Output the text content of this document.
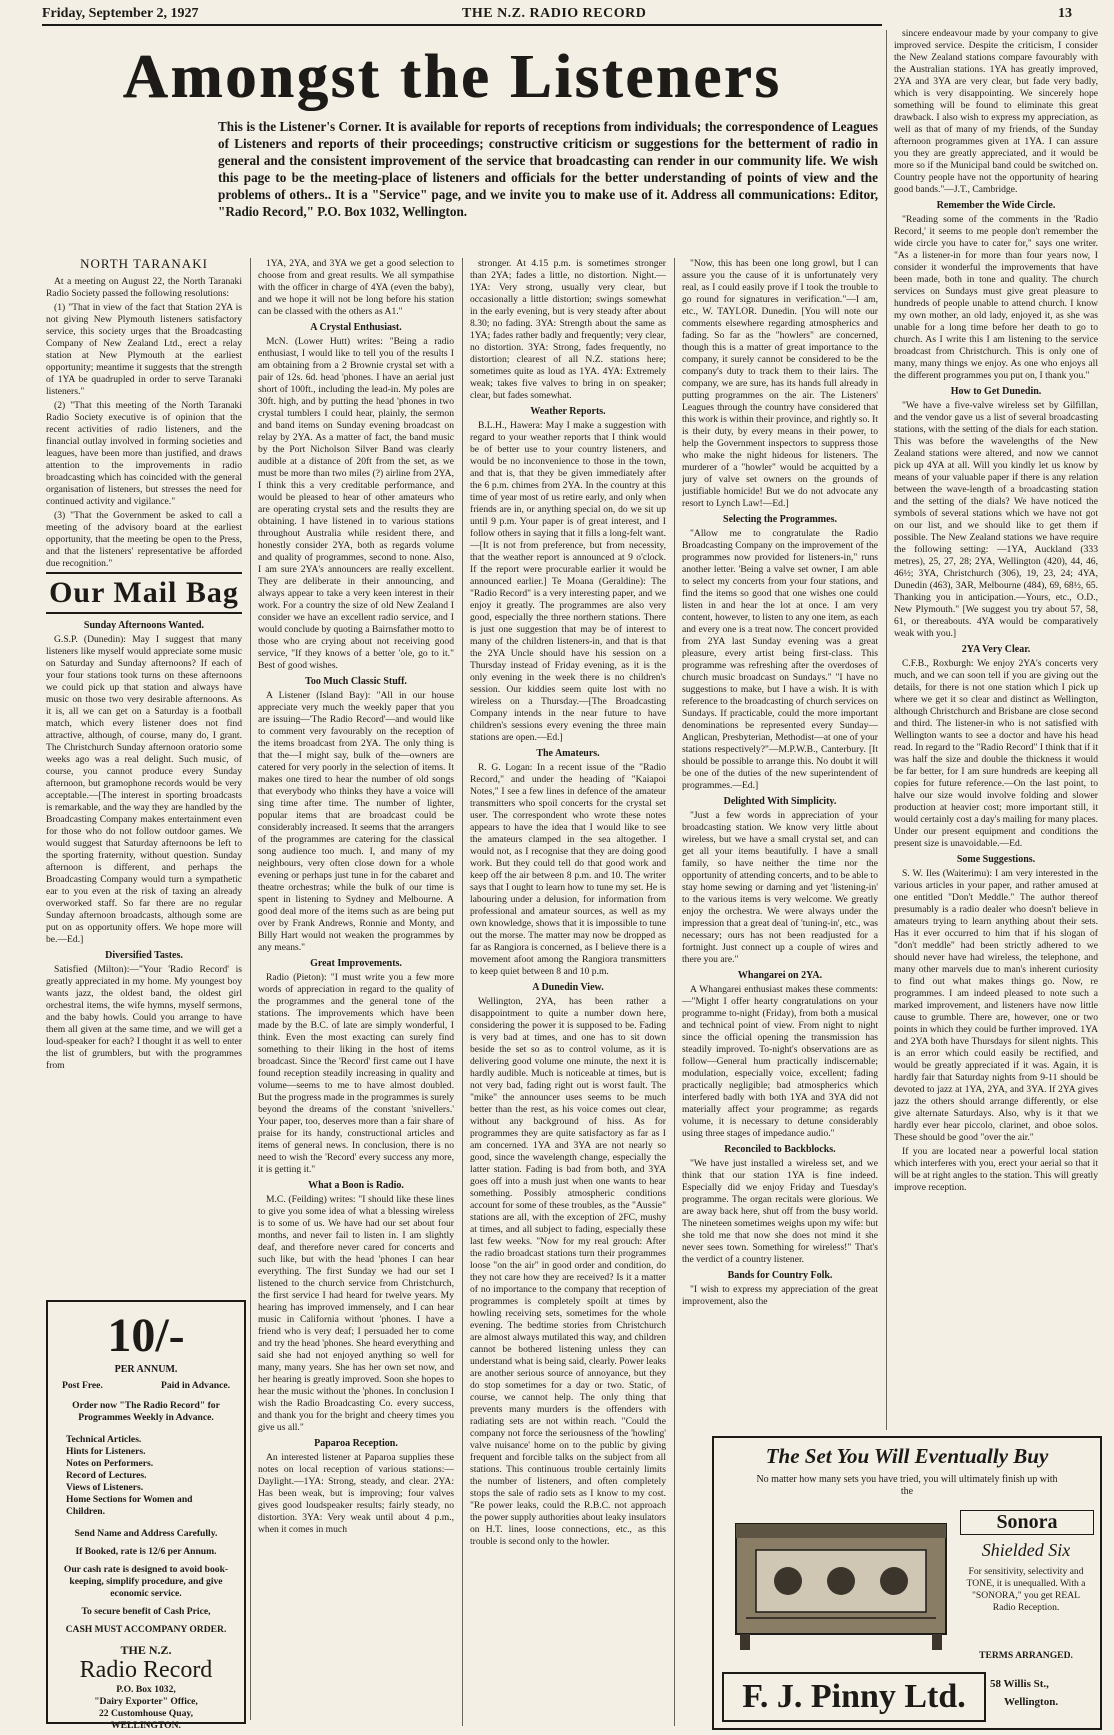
Friday, September 2, 1927	THE N.Z. RADIO RECORD	13
Amongst the Listeners
This is the Listener's Corner. It is available for reports of receptions from individuals; the correspondence of Leagues of Listeners and reports of their proceedings; constructive criticism or suggestions for the betterment of radio in general and the consistent improvement of the service that broadcasting can render in our community life. We wish this page to be the meeting-place of listeners and officials for the better understanding of points of view and the problems of others.. It is a "Service" page, and we invite you to make use of it. Address all communications: Editor, "Radio Record," P.O. Box 1032, Wellington.
NORTH TARANAKI

At a meeting on August 22, the North Taranaki Radio Society passed the following resolutions:

(1) "That in view of the fact that Station 2YA is not giving New Plymouth listeners satisfactory service, this society urges that the Broadcasting Company of New Zealand Ltd., erect a relay station at New Plymouth at the earliest opportunity; meantime it suggests that the strength of 1YA be quadrupled in order to serve Taranaki listeners."

(2) "That this meeting of the North Taranaki Radio Society executive is of opinion that the recent activities of radio listeners, and the financial outlay involved in forming societies and leagues, have been more than justified, and draws attention to the improvements in radio broadcasting which has coincided with the general organisation of listeners, but stresses the need for continued activity and vigilance."

(3) "That the Government be asked to call a meeting of the advisory board at the earliest opportunity, that the meeting be open to the Press, and that the listeners' representative be afforded due recognition."

Our Mail Bag
Sunday Afternoons Wanted.

G.S.P. (Dunedin): May I suggest that many listeners like myself would appreciate some music on Saturday and Sunday afternoons? If each of your four stations took turns on these afternoons we could pick up that station and always have music on those two very desirable afternoons. As it is, all we can get on a Saturday is a football match, which every listener does not find attractive, although, of course, many do, I grant. The Christchurch Sunday afternoon oratorio some weeks ago was a real delight. Such music, of course, you cannot produce every Sunday afternoon, but gramophone records would be very acceptable.—[The interest in sporting broadcasts is remarkable, and the way they are handled by the Broadcasting Company makes entertainment even for those who do not follow outdoor games. We would suggest that Saturday afternoons be left to the sporting fraternity, without question. Sunday afternoon is different, and perhaps the Broadcasting Company would turn a sympathetic ear to you even at the risk of taxing an already overworked staff. So far there are no regular Sunday afternoon broadcasts, although some are put on as opportunity offers. We hope more will be.—Ed.]

Diversified Tastes.

Satisfied (Milton):—"Your 'Radio Record' is greatly appreciated in my home. My youngest boy wants jazz, the oldest band, the oldest girl orchestral items, the wife hymns, myself sermons, and the baby howls. Could you arrange to have them all given at the same time, and we will get a loud-speaker for each? I thought it as well to enter the list of grumblers, but with the programmes from

10/-
PER ANNUM.
Post Free.	Paid in Advance.
Order now "The Radio Record" for Programmes Weekly in Advance.
Technical Articles.
Hints for Listeners.
Notes on Performers.
Record of Lectures.
Views of Listeners.
Home Sections for Women and Children.
Send Name and Address Carefully.
If Booked, rate is 12/6 per Annum.
Our cash rate is designed to avoid book-keeping, simplify procedure, and give economic service.
To secure benefit of Cash Price,
CASH MUST ACCOMPANY ORDER.
THE N.Z.
Radio Record
P.O. Box 1032,
"Dairy Exporter" Office,
22 Customhouse Quay,
WELLINGTON.

1YA, 2YA, and 3YA we get a good selection to choose from and great results. We all sympathise with the officer in charge of 4YA (even the baby), and we hope it will not be long before his station can be classed with the others as A1."

A Crystal Enthusiast.

McN. (Lower Hutt) writes: "Being a radio enthusiast, I would like to tell you of the results I am obtaining from a 2 Brownie crystal set with a pair of 12s. 6d. head 'phones. I have an aerial just short of 100ft., including the lead-in. My poles are 30ft. high, and by putting the head 'phones in two crystal tumblers I could hear, plainly, the sermon and band items on Sunday evening broadcast on relay by 2YA. As a matter of fact, the band music by the Port Nicholson Silver Band was clearly audible at a distance of 20ft from the set, as we must be more than two miles (?) airline from 2YA, I think this a very creditable performance, and would be pleased to hear of other amateurs who are operating crystal sets and the results they are obtaining. I have listened in to various stations throughout Australia while resident there, and honestly consider 2YA, both as regards volume and quality of programmes, second to none. Also, I am sure 2YA's announcers are really excellent. They are deliberate in their announcing, and always appear to take a very keen interest in their work. For a country the size of old New Zealand I consider we have an excellent radio service, and I would conclude by quoting a Bairnsfather motto to those who are crying about not receiving good service, "If they knows of a better 'ole, go to it." Best of good wishes.

Too Much Classic Stuff.

A Listener (Island Bay): "All in our house appreciate very much the weekly paper that you are issuing—'The Radio Record'—and would like to comment very favourably on the reception of the items broadcast from 2YA. The only thing is that the—I might say, bulk of the—owners are catered for very poorly in the selection of items. It makes one tired to hear the number of old songs that everybody who thinks they have a voice will sing time after time. The number of lighter, popular items that are broadcast could be considerably increased. It seems that the arrangers of the programmes are catering for the classical song audience too much. I, and many of my neighbours, very often close down for a whole evening or perhaps just tune in for the cabaret and theatre orchestras; while the bulk of our time is spent in listening to Sydney and Melbourne. A good deal more of the items such as are being put over by Frank Andrews, Ronnie and Monty, and Billy Hart would not weaken the programmes by any means."

Great Improvements.

Radio (Pieton): "I must write you a few more words of appreciation in regard to the quality of the programmes and the general tone of the stations. The improvements which have been made by the B.C. of late are simply wonderful, I think. Even the most exacting can surely find something to their liking in the host of items broadcast. Since the 'Record' first came out I have found reception steadily increasing in quality and volume—seems to me to have almost doubled. But the progress made in the programmes is surely beyond the dreams of the constant 'snivellers.' Your paper, too, deserves more than a fair share of praise for its handy, constructional articles and items of general news. In conclusion, there is no need to wish the 'Record' every success any more, it is getting it."

What a Boon is Radio.

M.C. (Feilding) writes: "I should like these lines to give you some idea of what a blessing wireless is to some of us. We have had our set about four months, and never fail to listen in. I am slightly deaf, and therefore never cared for concerts and such like, but with the head 'phones I can hear everything. The first Sunday we had our set I listened to the church service from Christchurch, the first service I had heard for twelve years. My hearing has improved immensely, and I can hear music in California without 'phones. I have a friend who is very deaf; I persuaded her to come and try the head 'phones. She heard everything and said she had not enjoyed anything so well for many, many years. She has her own set now, and her hearing is greatly improved. Soon she hopes to hear the music without the 'phones. In conclusion I wish the Radio Broadcasting Co. every success, and thank you for the bright and cheery times you give us all."

Paparoa Reception.

An interested listener at Paparoa supplies these notes on local reception of various stations:— Daylight.—1YA: Strong, steady, and clear. 2YA: Has been weak, but is improving; four valves gives good loudspeaker results; fairly steady, no distortion. 3YA: Very weak until about 4 p.m., when it comes in much

stronger. At 4.15 p.m. is sometimes stronger than 2YA; fades a little, no distortion. Night.—1YA: Very strong, usually very clear, but occasionally a little distortion; swings somewhat in the early evening, but is very steady after about 8.30; no fading. 3YA: Strength about the same as 1YA; fades rather badly and frequently; very clear, no distortion. 3YA: Strong, fades frequently, no distortion; clearest of all N.Z. stations here; sometimes quite as loud as 1YA. 4YA: Extremely weak; takes five valves to bring in on speaker; clear, but fades somewhat.

Weather Reports.

B.L.H., Hawera: May I make a suggestion with regard to your weather reports that I think would be of better use to your country listeners, and would be no inconvenience to those in the town, and that is, that they be given immediately after the 6 p.m. chimes from 2YA. In the country at this time of year most of us retire early, and only when friends are in, or anything special on, do we sit up until 9 p.m. Your paper is of great interest, and I follow others in saying that it fills a long-felt want.—[It is not from preference, but from necessity, that the weather report is announced at 9 o'clock. If the report were procurable earlier it would be announced earlier.] Te Moana (Geraldine): The "Radio Record" is a very interesting paper, and we enjoy it greatly. The programmes are also very good, especially the three northern stations. There is just one suggestion that may be of interest to many of the children listeners-in, and that is that the 2YA Uncle should have his session on a Thursday instead of Friday evening, as it is the only evening in the week there is no children's session. Our kiddies seem quite lost with no wireless on a Thursday.—[The Broadcasting Company intends in the near future to have children's sessions every evening the three main stations are open.—Ed.]

The Amateurs.

R. G. Logan: In a recent issue of the "Radio Record," and under the heading of "Kaiapoi Notes," I see a few lines in defence of the amateur transmitters who spoil concerts for the crystal set user. The correspondent who wrote these notes appears to have the idea that I would like to see the amateurs clamped in the sea altogether. I would not, as I recognise that they are doing good work. But they could tell do that good work and keep off the air between 8 p.m. and 10. The writer says that I ought to learn how to tune my set. He is labouring under a delusion, for information from professional and amateur sources, as well as my own knowledge, shows that it is impossible to tune out the morse. The matter may now be dropped as far as Rangiora is concerned, as I believe there is a movement afoot among the Rangiora transmitters to keep quiet between 8 and 10 p.m.

A Dunedin View.

Wellington, 2YA, has been rather a disappointment to quite a number down here, considering the power it is supposed to be. Fading is very bad at times, and one has to sit down beside the set so as to control volume, as it is delivering good volume one minute, the next it is hardly audible. Much is noticeable at times, but is not very bad, fading right out is worst fault. The "mike" the announcer uses seems to be much better than the rest, as his voice comes out clear, without any background of hiss. As for programmes they are quite satisfactory as far as I am concerned. 1YA and 3YA are not nearly so good, since the wavelength change, especially the latter station. Fading is bad from both, and 3YA goes off into a mush just when one wants to hear something. Possibly atmospheric conditions account for some of these troubles, as the "Aussie" stations are all, with the exception of 2FC, mushy at times, and all subject to fading, especially these last few weeks. "Now for my real grouch: After the radio broadcast stations turn their programmes loose "on the air" in good order and condition, do they not care how they are received? Is it a matter of no importance to the company that reception of programmes is completely spoilt at times by howling receiving sets, sometimes for the whole evening. The bedtime stories from Christchurch are almost always mutilated this way, and children cannot be bothered listening unless they can understand what is being said, clearly. Power leaks are another serious source of annoyance, but they do stop sometimes for a day or two. Static, of course, we cannot help. The only thing that prevents many murders is the offenders with radiating sets are not within reach. "Could the company not force the seriousness of the 'howling' valve nuisance' home on to the public by giving frequent and forcible talks on the subject from all stations. This continuous trouble certainly limits the number of listeners, and often completely stops the sale of radio sets as I know to my cost. "Re power leaks, could the R.B.C. not approach the power supply authorities about leaky insulators on H.T. lines, loose connections, etc., as this trouble is second only to the howler.

"Now, this has been one long growl, but I can assure you the cause of it is unfortunately very real, as I could easily prove if I took the trouble to go round for signatures in verification."—I am, etc., W. TAYLOR. Dunedin. [You will note our comments elsewhere regarding atmospherics and fading. So far as the "howlers" are concerned, though this is a matter of great importance to the company, it surely cannot be considered to be the company's duty to track them to their lairs. The company, we are sure, has its hands full already in putting programmes on the air. The Listeners' Leagues through the country have considered that this work is within their province, and rightly so. It is their duty, by every means in their power, to help the Government inspectors to suppress those who make the night hideous for listeners. The murderer of a "howler" would be acquitted by a jury of valve set owners on the grounds of justifiable homicide! But we do not advocate any resort to Lynch Law!—Ed.]

Selecting the Programmes.

"Allow me to congratulate the Radio Broadcasting Company on the improvement of the programmes now provided for listeners-in," runs another letter. 'Being a valve set owner, I am able to select my concerts from your four stations, and find the items so good that one wishes one could listen in and hear the lot at once. I am very content, however, to listen to any one item, as each and every one is a treat now. The concert provided from 2YA last Sunday evening was a great pleasure, every artist being first-class. This programme was refreshing after the overdoses of church music broadcast on Sundays." "I have no suggestions to make, but I have a wish. It is with reference to the broadcasting of church services on Sundays. If practicable, could the more important denominations be represented every Sunday—Anglican, Presbyterian, Methodist—at one of your stations respectively?"—M.P.W.B., Canterbury. [It should be possible to arrange this. No doubt it will be one of the duties of the new superintendent of programmes.—Ed.]

Delighted With Simplicity.

"Just a few words in appreciation of your broadcasting station. We know very little about wireless, but we have a small crystal set, and can get all your items beautifully. I have a small family, so have neither the time nor the opportunity of attending concerts, and to be able to stay home sewing or darning and yet 'listening-in' to the various items is very welcome. We greatly enjoy the orchestra. We were always under the impression that a great deal of 'tuning-in', etc., was necessary; ours has not been readjusted for a fortnight. Just connect up a couple of wires and there you are."

Whangarei on 2YA.

A Whangarei enthusiast makes these comments:—"Might I offer hearty congratulations on your programme to-night (Friday), from both a musical and technical point of view. From night to night since the official opening the transmission has steadily improved. To-night's observations are as follow—General hum practically indiscernable; modulation, especially voice, excellent; fading practically negligible; bad atmospherics which interfered badly with both 1YA and 3YA did not materially affect your programme; as regards volume, it is necessary to detune considerably using three stages of impedance audio."

Reconciled to Backblocks.

"We have just installed a wireless set, and we think that our station 1YA is fine indeed. Especially did we enjoy Friday and Tuesday's programme. The organ recitals were glorious. We are away back here, shut off from the busy world. The nineteen sometimes weighs upon my wife: but she told me that now she does not mind it she never sees town. Something for wireless!" That's the verdict of a country listener.

Bands for Country Folk.

"I wish to express my appreciation of the great improvement, also the

sincere endeavour made by your company to give improved service. Despite the criticism, I consider the New Zealand stations compare favourably with the Australian stations. 1YA has greatly improved, 2YA and 3YA are very clear, but fade very badly, which is very disappointing. We sincerely hope something will be found to eliminate this great drawback. I also wish to express my appreciation, as well as that of many of my friends, of the Sunday afternoon programmes given at 1YA. I can assure you they are greatly appreciated, and it would be more so if the Municipal band could be switched on. Country people have not the opportunity of hearing good bands."—J.T., Cambridge.

Remember the Wide Circle.

"Reading some of the comments in the 'Radio Record,' it seems to me people don't remember the wide circle you have to cater for," says one writer. "As a listener-in for more than four years now, I consider it wonderful the improvements that have been made, both in tone and quality. The church services on Sundays must give great pleasure to hundreds of people unable to attend church. I know my own mother, an old lady, enjoyed it, as she was unable for a long time before her death to go to church. As I write this I am listening to the service broadcast from Christchurch. This is only one of many, many things we enjoy. As one who enjoys all the different programmes you put on, I thank you."

How to Get Dunedin.

"We have a five-valve wireless set by Gilfillan, and the vendor gave us a list of several broadcasting stations, with the setting of the dials for each station. This was before the wavelengths of the New Zealand stations were altered, and now we cannot pick up 4YA at all. Will you kindly let us know by means of your valuable paper if there is any relation between the wave-length of a broadcasting station and the setting of the dials? We have noticed the symbols of several stations which we have not got on our list, and we should like to get them if possible. The New Zealand stations we have require the following setting: —1YA, Auckland (333 metres), 25, 27, 28; 2YA, Wellington (420), 44, 46, 46½; 3YA, Christchurch (306), 19, 23, 24; 4YA, Dunedin (463), 3AR, Melbourne (484), 69, 68½, 65. Thanking you in anticipation.—Yours, etc., O.D., New Plymouth." [We suggest you try about 57, 58, 61, or thereabouts. 4YA would be comparatively weak with you.]

2YA Very Clear.

C.F.B., Roxburgh: We enjoy 2YA's concerts very much, and we can soon tell if you are giving out the details, for there is not one station which I pick up where we get it so clear and distinct as Wellington, although Christchurch and Brisbane are close second and third. The listener-in who is not satisfied with Wellington wants to see a doctor and have his head read. In regard to the "Radio Record" I think that if it was half the size and double the thickness it would be far better, for I am sure hundreds are keeping all copies for future reference.—On the last point, to halve our size would involve folding and slower production at heavier cost; more important still, it would certainly cost a day's mailing for many places. Under our present equipment and conditions the present size is unavoidable.—Ed.

Some Suggestions.

S. W. Iles (Waiterimu): I am very interested in the various articles in your paper, and rather amused at one entitled "Don't Meddle." The author thereof presumably is a radio dealer who doesn't believe in amateurs trying to learn anything about their sets. Has it ever occurred to him that if his slogan of "don't meddle" had been strictly adhered to we should never have had wireless, the telephone, and many other marvels due to man's inherent curiosity to find out what makes things go. Now, re programmes. I am indeed pleased to note such a marked improvement, and listeners have now little cause to grumble. There are, however, one or two points in which they could be further improved. 1YA and 2YA both have Thursdays for silent nights. This is an error which could easily be rectified, and would be greatly appreciated if it was. Again, it is hardly fair that Saturday nights from 9-11 should be devoted to jazz at 1YA, 2YA, and 3YA. If 2YA gives jazz the others should arrange differently, or else give alternate Saturdays. Also, why is it that we hardly ever hear piccolo, clarinet, and oboe solos. These should be good "over the air."

If you are located near a powerful local station which interferes with you, erect your aerial so that it will be at right angles to the station. This will greatly improve reception.

The Set You Will Eventually Buy
No matter how many sets you have tried, you will ultimately finish up with the
Sonora
Shielded Six
For sensitivity, selectivity and TONE, it is unequalled. With a "SONORA," you get REAL Radio Reception.
TERMS ARRANGED.
F. J. Pinny Ltd.	58 Willis St.,
Wellington.
